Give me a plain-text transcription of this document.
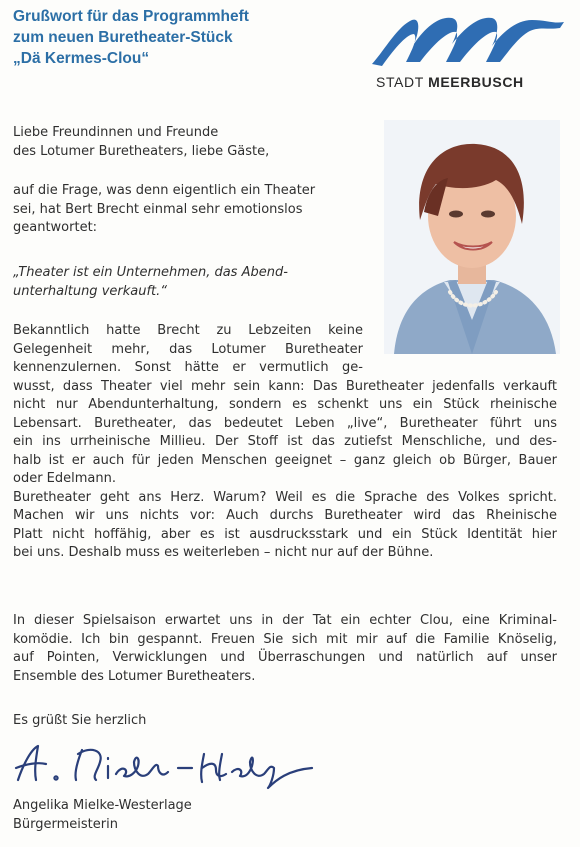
Grußwort für das Programmheft
zum neuen Buretheater-Stück
„Dä Kermes-Clou“
STADT MEERBUSCH
Liebe Freundinnen und Freunde
des Lotumer Buretheaters, liebe Gäste,
auf die Frage, was denn eigentlich ein Theater
sei, hat Bert Brecht einmal sehr emotionslos
geantwortet:
„Theater ist ein Unternehmen, das Abend-
unterhaltung verkauft.“
Bekanntlich hatte Brecht zu Lebzeiten keine
Gelegenheit mehr, das Lotumer Buretheater
kennenzulernen. Sonst hätte er vermutlich ge-
wusst, dass Theater viel mehr sein kann: Das Buretheater jedenfalls verkauft
nicht nur Abendunterhaltung, sondern es schenkt uns ein Stück rheinische
Lebensart. Buretheater, das bedeutet Leben „live“, Buretheater führt uns
ein ins urrheinische Millieu. Der Stoff ist das zutiefst Menschliche, und des-
halb ist er auch für jeden Menschen geeignet – ganz gleich ob Bürger, Bauer
oder Edelmann.
Buretheater geht ans Herz. Warum? Weil es die Sprache des Volkes spricht.
Machen wir uns nichts vor: Auch durchs Buretheater wird das Rheinische
Platt nicht hoffähig, aber es ist ausdrucksstark und ein Stück Identität hier
bei uns. Deshalb muss es weiterleben – nicht nur auf der Bühne.
In dieser Spielsaison erwartet uns in der Tat ein echter Clou, eine Kriminal-
komödie. Ich bin gespannt. Freuen Sie sich mit mir auf die Familie Knöselig,
auf Pointen, Verwicklungen und Überraschungen und natürlich auf unser
Ensemble des Lotumer Buretheaters.
Es grüßt Sie herzlich
Angelika Mielke-Westerlage
Bürgermeisterin
